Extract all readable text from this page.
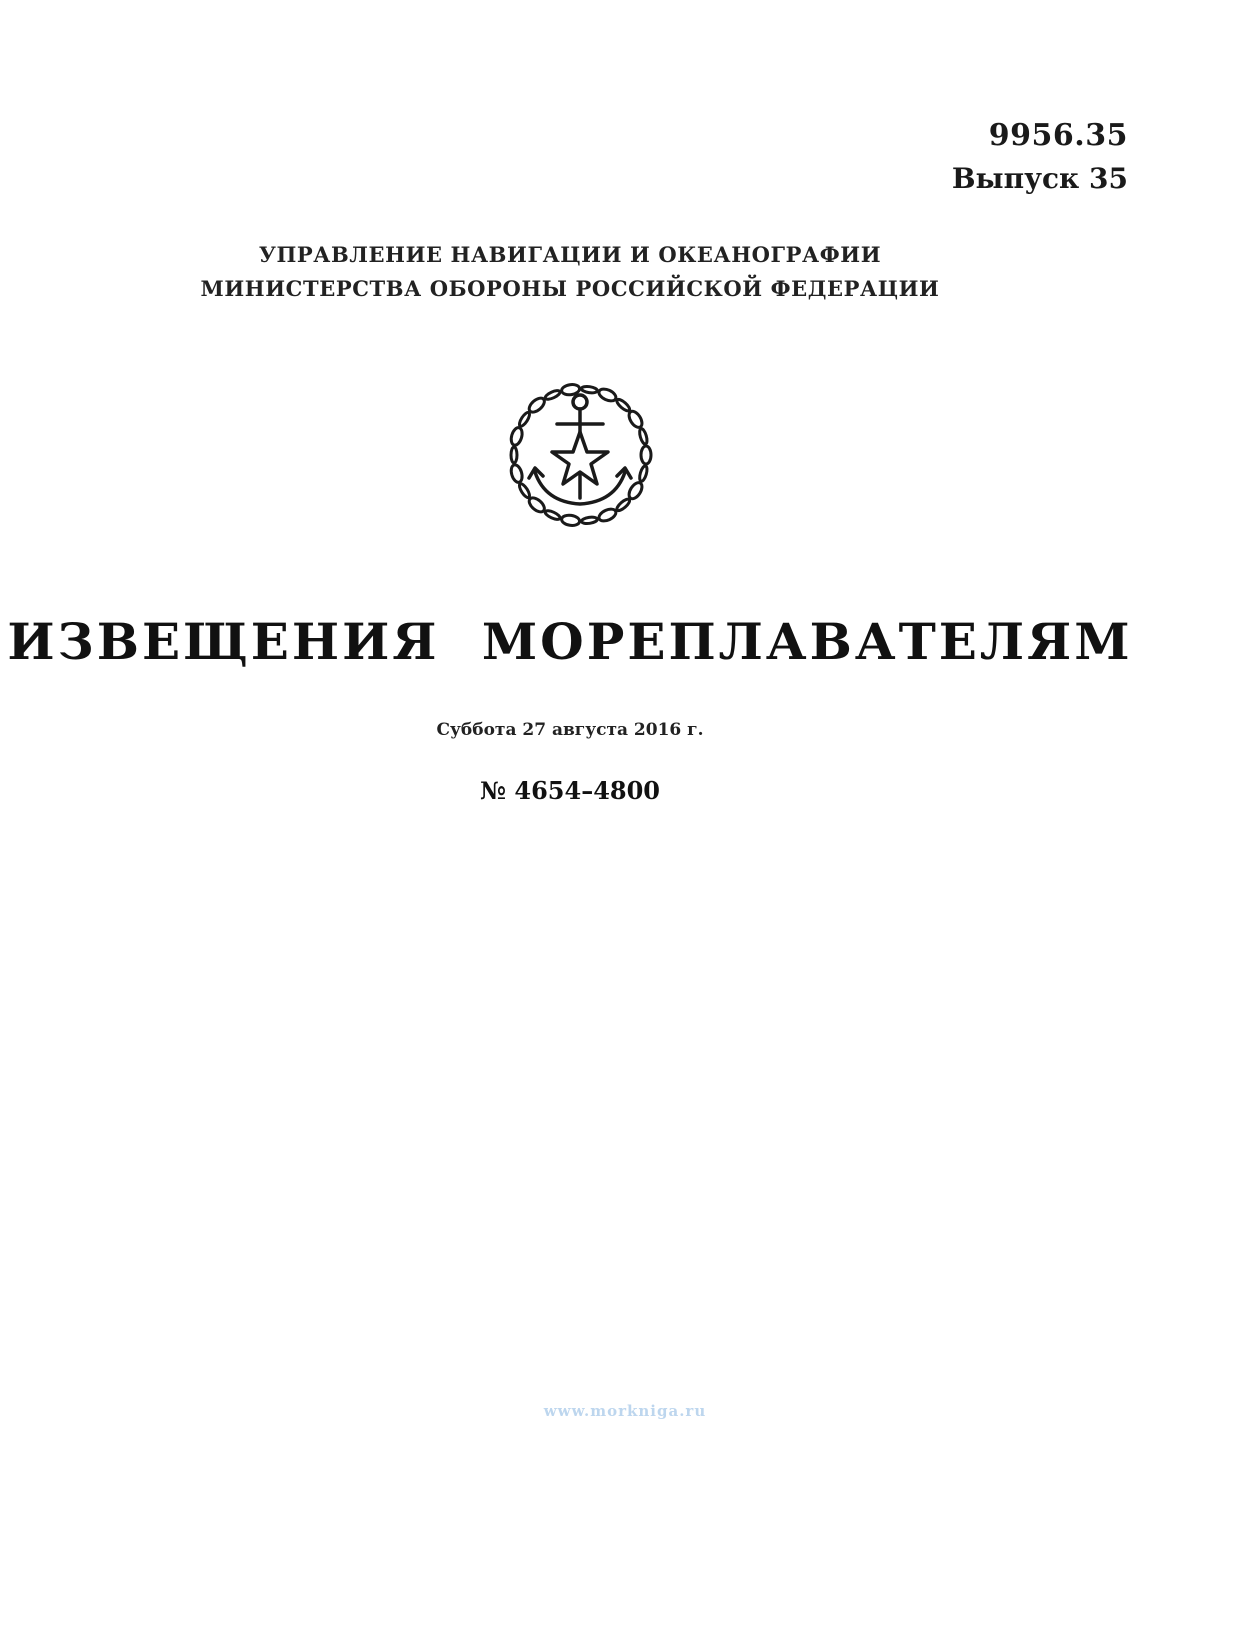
9956.35
Выпуск 35
УПРАВЛЕНИЕ НАВИГАЦИИ И ОКЕАНОГРАФИИ
МИНИСТЕРСТВА ОБОРОНЫ РОССИЙСКОЙ ФЕДЕРАЦИИ
ИЗВЕЩЕНИЯ МОРЕПЛАВАТЕЛЯМ
Суббота 27 августа 2016 г.
№ 4654–4800
www.morkniga.ru
